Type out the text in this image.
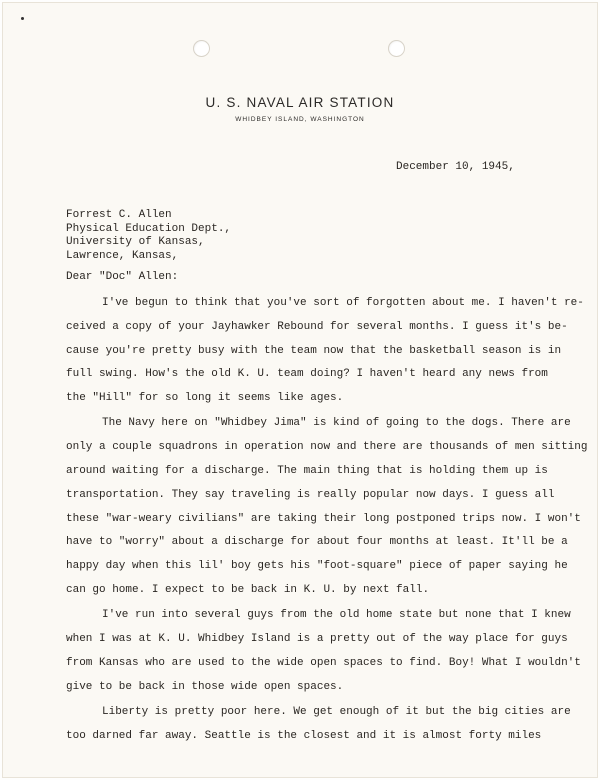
U. S. NAVAL AIR STATION
WHIDBEY ISLAND, WASHINGTON
December 10, 1945,
Forrest C. Allen
Physical Education Dept.,
University of Kansas,
Lawrence, Kansas,
Dear "Doc" Allen:
I've begun to think that you've sort of forgotten about me. I haven't re-
ceived a copy of your Jayhawker Rebound for several months. I guess it's be-
cause you're pretty busy with the team now that the basketball season is in
full swing. How's the old K. U. team doing? I haven't heard any news from
the "Hill" for so long it seems like ages.
The Navy here on "Whidbey Jima" is kind of going to the dogs. There are
only a couple squadrons in operation now and there are thousands of men sitting
around waiting for a discharge. The main thing that is holding them up is
transportation. They say traveling is really popular now days. I guess all
these "war-weary civilians" are taking their long postponed trips now. I won't
have to "worry" about a discharge for about four months at least. It'll be a
happy day when this lil' boy gets his "foot-square" piece of paper saying he
can go home. I expect to be back in K. U. by next fall.
I've run into several guys from the old home state but none that I knew
when I was at K. U. Whidbey Island is a pretty out of the way place for guys
from Kansas who are used to the wide open spaces to find. Boy! What I wouldn't
give to be back in those wide open spaces.
Liberty is pretty poor here. We get enough of it but the big cities are
too darned far away. Seattle is the closest and it is almost forty miles
